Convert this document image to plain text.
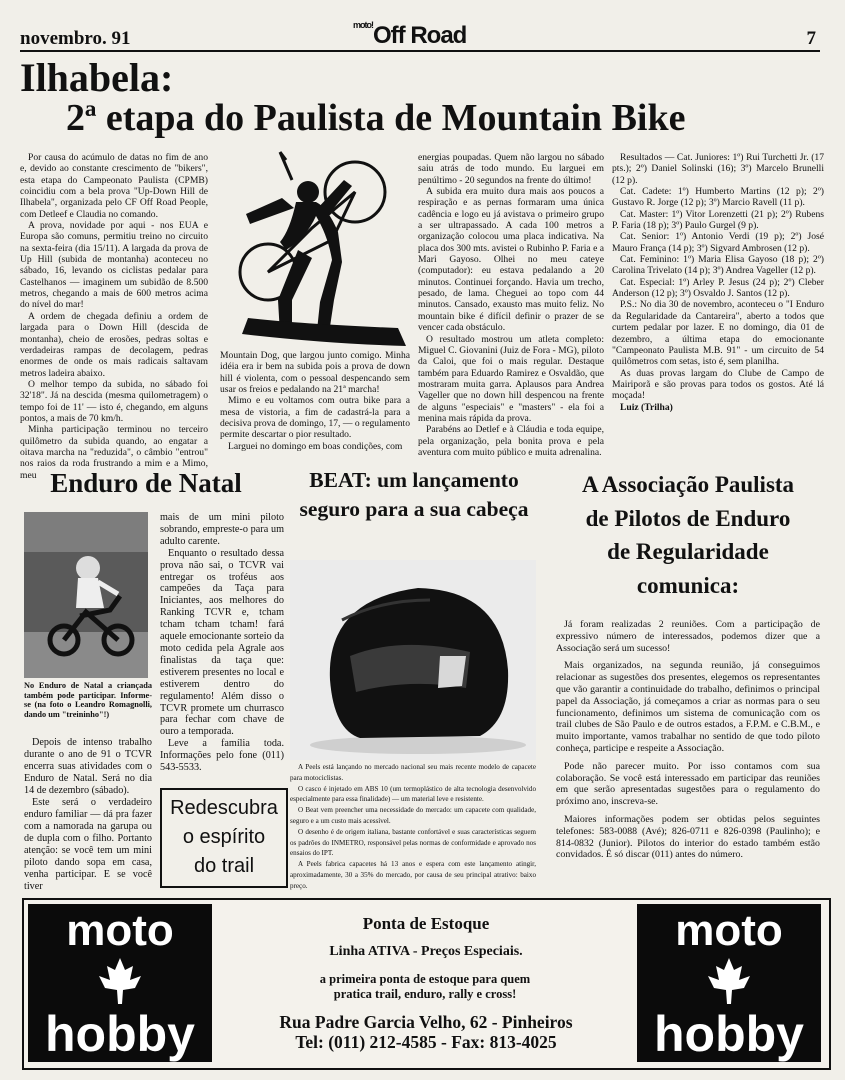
novembro. 91
$^{moto!}$Off Road	7
Ilhabela:
2ª etapa do Paulista de Mountain Bike

Por causa do acúmulo de datas no fim de ano e, devido ao constante crescimento de "bikers", esta etapa do Campeonato Paulista (CPMB) coincidiu com a bela prova "Up-Down Hill de Ilhabela", organizada pelo CF Off Road People, com Detleef e Claudia no comando.

A prova, novidade por aqui - nos EUA e Europa são comuns, permitiu treino no circuito na sexta-feira (dia 15/11). A largada da prova de Up Hill (subida de montanha) aconteceu no sábado, 16, levando os ciclistas pedalar para Castelhanos — imaginem um subidão de 8.500 metros, chegando a mais de 600 metros acima do nível do mar!

A ordem de chegada definiu a ordem de largada para o Down Hill (descida de montanha), cheio de erosões, pedras soltas e verdadeiras rampas de decolagem, pedras enormes de onde os mais radicais saltavam metros ladeira abaixo.

O melhor tempo da subida, no sábado foi 32'18". Já na descida (mesma quilometragem) o tempo foi de 11' — isto é, chegando, em alguns pontos, a mais de 70 km/h.

Minha participação terminou no terceiro quilômetro da subida quando, ao engatar a oitava marcha na "reduzida", o câmbio "entrou" nos raios da roda frustrando a mim e a Mimo, meu

Mountain Dog, que largou junto comigo. Minha idéia era ir bem na subida pois a prova de down hill é violenta, com o pessoal despencando sem usar os freios e pedalando na 21ª marcha!

Mimo e eu voltamos com outra bike para a mesa de vistoria, a fim de cadastrá-la para a decisiva prova de domingo, 17, — o regulamento permite descartar o pior resultado.

Larguei no domingo em boas condições, com

energias poupadas. Quem não largou no sábado saiu atrás de todo mundo. Eu larguei em penúltimo - 20 segundos na frente do último!

A subida era muito dura mais aos poucos a respiração e as pernas formaram uma única cadência e logo eu já avistava o primeiro grupo a ser ultrapassado. A cada 100 metros a organização colocou uma placa indicativa. Na placa dos 300 mts. avistei o Rubinho P. Faria e a Mari Gayoso. Olhei no meu cateye (computador): eu estava pedalando a 20 minutos. Continuei forçando. Havia um trecho, pesado, de lama. Cheguei ao topo com 44 minutos. Cansado, exausto mas muito feliz. No mountain bike é difícil definir o prazer de se vencer cada obstáculo.

O resultado mostrou um atleta completo: Miguel C. Giovanini (Juiz de Fora - MG), piloto da Caloi, que foi o mais regular. Destaque também para Eduardo Ramirez e Osvaldão, que mostraram muita garra. Aplausos para Andrea Vageller que no down hill despencou na frente de alguns "especiais" e "masters" - ela foi a menina mais rápida da prova.

Parabéns ao Detlef e à Cláudia e toda equipe, pela organização, pela bonita prova e pela aventura com muito público e muita adrenalina.

Resultados — Cat. Juniores: 1º) Rui Turchetti Jr. (17 pts.); 2º) Daniel Solinski (16); 3º) Marcelo Brunelli (12 p).

Cat. Cadete: 1º) Humberto Martins (12 p); 2º) Gustavo R. Jorge (12 p); 3º) Marcio Ravell (11 p).

Cat. Master: 1º) Vitor Lorenzetti (21 p); 2º) Rubens P. Faria (18 p); 3º) Paulo Gurgel (9 p).

Cat. Senior: 1º) Antonio Verdi (19 p); 2º) José Mauro França (14 p); 3º) Sigvard Ambrosen (12 p).

Cat. Feminino: 1º) Maria Elisa Gayoso (18 p); 2º) Carolina Trivelato (14 p); 3º) Andrea Vageller (12 p).

Cat. Especial: 1º) Arley P. Jesus (24 p); 2º) Cleber Anderson (12 p); 3º) Osvaldo J. Santos (12 p).

P.S.: No dia 30 de novembro, aconteceu o "I Enduro da Regularidade da Cantareira", aberto a todos que curtem pedalar por lazer. E no domingo, dia 01 de dezembro, a última etapa do emocionante "Campeonato Paulista M.B. 91" - um circuito de 54 quilômetros com setas, isto é, sem planilha.

As duas provas largam do Clube de Campo de Mairiporã e são provas para todos os gostos. Até lá moçada!

Luiz (Trilha)

Enduro de Natal
No Enduro de Natal a criançada também pode participar. Informe-se (na foto o Leandro Romagnolli, dando um "treininho"!)

Depois de intenso trabalho durante o ano de 91 o TCVR encerra suas atividades com o Enduro de Natal. Será no dia 14 de dezembro (sábado).

Este será o verdadeiro enduro familiar — dá pra fazer com a namorada na garupa ou de dupla com o filho. Portanto atenção: se você tem um mini piloto dando sopa em casa, venha participar. E se você tiver

mais de um mini piloto sobrando, empreste-o para um adulto carente.

Enquanto o resultado dessa prova não sai, o TCVR vai entregar os troféus aos campeões da Taça para Iniciantes, aos melhores do Ranking TCVR e, tcham tcham tcham tcham! fará aquele emocionante sorteio da moto cedida pela Agrale aos finalistas da taça que: estiverem presentes no local e estiverem dentro do regulamento! Além disso o TCVR promete um churrasco para fechar com chave de ouro a temporada.

Leve a família toda. Informações pelo fone (011) 543-5533.

Redescubra
o espírito
do trail
BEAT: um lançamento seguro para a sua cabeça

A Peels está lançando no mercado nacional seu mais recente modelo de capacete para motociclistas.

O casco é injetado em ABS 10 (um termoplástico de alta tecnologia desenvolvido especialmente para essa finalidade) — um material leve e resistente.

O Beat vem preencher uma necessidade do mercado: um capacete com qualidade, seguro e a um custo mais acessível.

O desenho é de origem italiana, bastante confortável e suas características seguem os padrões do INMETRO, responsável pelas normas de conformidade e aprovado nos ensaios do IPT.

A Peels fabrica capacetes há 13 anos e espera com este lançamento atingir, aproximadamente, 30 a 35% do mercado, por causa de seu principal atrativo: baixo preço.

A Associação Paulista
de Pilotos de Enduro
de Regularidade
comunica:

Já foram realizadas 2 reuniões. Com a participação de expressivo número de interessados, podemos dizer que a Associação será um sucesso!

Mais organizados, na segunda reunião, já conseguimos relacionar as sugestões dos presentes, elegemos os representantes que vão garantir a continuidade do trabalho, definimos o principal papel da Associação, já começamos a criar as normas para o seu funcionamento, definimos um sistema de comunicação com os trail clubes de São Paulo e de outros estados, a F.P.M. e C.B.M., e muito importante, vamos trabalhar no sentido de que todo piloto conheça, participe e respeite a Associação.

Pode não parecer muito. Por isso contamos com sua colaboração. Se você está interessado em participar das reuniões em que serão apresentadas sugestões para o regulamento do próximo ano, inscreva-se.

Maiores informações podem ser obtidas pelos seguintes telefones: 583-0088 (Avé); 826-0711 e 826-0398 (Paulinho); e 814-0832 (Junior). Pilotos do interior do estado também estão convidados. É só discar (011) antes do número.

moto
hobby
Ponta de Estoque
Linha ATIVA - Preços Especiais.
a primeira ponta de estoque para quem pratica trail, enduro, rally e cross!
Rua Padre Garcia Velho, 62 - Pinheiros
Tel: (011) 212-4585 - Fax: 813-4025
moto
hobby
